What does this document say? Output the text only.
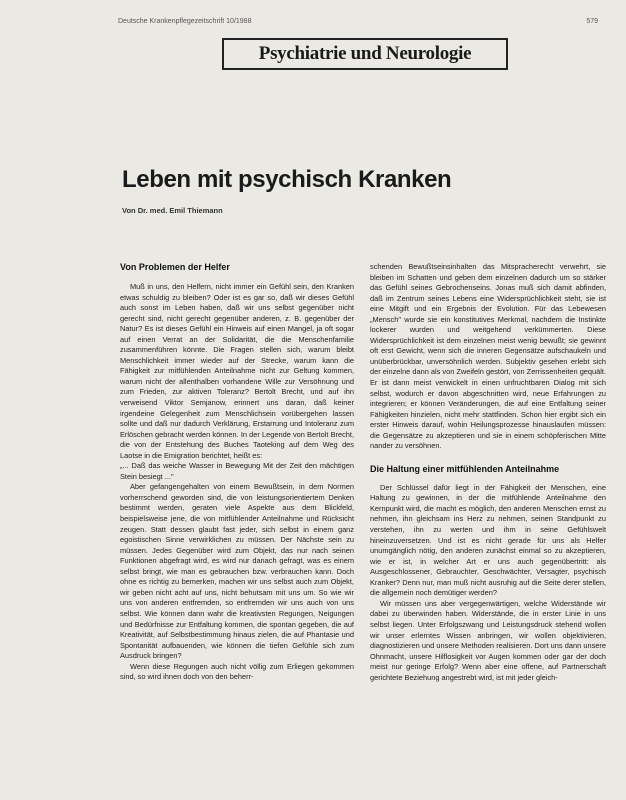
Deutsche Krankenpflegezeitschrift 10/1988	579
Psychiatrie und Neurologie
Leben mit psychisch Kranken
Von Dr. med. Emil Thiemann
Von Problemen der Helfer

Muß in uns, den Helfern, nicht immer ein Gefühl sein, den Kranken etwas schuldig zu bleiben? Oder ist es gar so, daß wir dieses Gefühl auch sonst im Leben haben, daß wir uns selbst gegenüber nicht gerecht sind, nicht gerecht gegenüber anderen, z. B. gegenüber der Natur? Es ist dieses Gefühl ein Hinweis auf einen Mangel, ja oft sogar auf einen Verrat an der Solidarität, die die Menschenfamilie zusammenführen könnte. Die Fragen stellen sich, warum bleibt Menschlichkeit immer wieder auf der Strecke, warum kann die Fähigkeit zur mitfühlenden Anteilnahme nicht zur Geltung kommen, warum nicht der allenthalben vorhandene Wille zur Versöhnung und zum Frieden, zur aktiven Toleranz? Bertolt Brecht, und auf ihn verweisend Viktor Semjanow, erinnert uns daran, daß keiner irgendeine Gelegenheit zum Menschlichsein vorübergehen lassen sollte und daß nur dadurch Verklärung, Erstarrung und Intoleranz zum Erlöschen gebracht werden können. In der Legende von Bertolt Brecht, die von der Entstehung des Buches Taoteking auf dem Weg des Laotse in die Emigration berichtet, heißt es:

„... Daß das weiche Wasser in Bewegung Mit der Zeit den mächtigen Stein besiegt ..."

Aber gefangengehalten von einem Bewußtsein, in dem Normen vorherrschend geworden sind, die von leistungsorientiertem Denken bestimmt werden, geraten viele Aspekte aus dem Blickfeld, beispielsweise jene, die von mitfühlender Anteilnahme und Rücksicht zeugen. Statt dessen glaubt fast jeder, sich selbst in einem ganz egoistischen Sinne verwirklichen zu müssen. Der Nächste sein zu müssen. Jedes Gegenüber wird zum Objekt, das nur nach seinen Funktionen abgefragt wird, es wird nur danach gefragt, was es einem selbst bringt, wie man es gebrauchen bzw. verbrauchen kann. Doch ohne es richtig zu bemerken, machen wir uns selbst auch zum Objekt, wir geben nicht acht auf uns, nicht behutsam mit uns um. So wie wir uns von anderen entfremden, so entfremden wir uns auch von uns selbst. Wie können dann wahr die kreativsten Regungen, Neigungen und Bedürfnisse zur Entfaltung kommen, die spontan gegeben, die auf Kreativität, auf Selbstbestimmung hinaus zielen, die auf Phantasie und Spontanität aufbauenden, wie können die tiefen Gefühle sich zum Ausdruck bringen?

Wenn diese Regungen auch nicht völlig zum Erliegen gekommen sind, so wird ihnen doch von den beherr-

schenden Bewußtseinsinhalten das Mitspracherecht verwehrt, sie bleiben im Schatten und geben dem einzelnen dadurch um so stärker das Gefühl seines Gebrochenseins. Jonas muß sich damit abfinden, daß im Zentrum seines Lebens eine Widersprüchlichkeit steht, sie ist eine Mitgift und ein Ergebnis der Evolution. Für das Lebewesen „Mensch" wurde sie ein konstitutives Merkmal, nachdem die Instinkte lockerer wurden und weitgehend verkümmerten. Diese Widersprüchlichkeit ist dem einzelnen meist wenig bewußt; sie gewinnt oft erst Gewicht, wenn sich die inneren Gegensätze aufschaukeln und unüberbrückbar, unversöhnlich werden. Subjektiv gesehen erlebt sich der einzelne dann als von Zweifeln gestört, von Zerrissenheiten gequält. Er ist dann meist verwickelt in einen unfruchtbaren Dialog mit sich selbst, wodurch er davon abgeschnitten wird, neue Erfahrungen zu integrieren; er können Veränderungen, die auf eine Entfaltung seiner Fähigkeiten hinzielen, nicht mehr stattfinden. Schon hier ergibt sich ein erster Hinweis darauf, wohin Heilungsprozesse hinauslaufen müssen: die Gegensätze zu akzeptieren und sie in einem schöpferischen Mitte nander zu versöhnen.

Die Haltung einer mitfühlenden Anteilnahme

Der Schlüssel dafür liegt in der Fähigkeit der Menschen, eine Haltung zu gewinnen, in der die mitfühlende Anteilnahme den Kernpunkt wird, die macht es möglich, den anderen Menschen ernst zu nehmen, ihn gleichsam ins Herz zu nehmen, seinen Standpunkt zu verstehen, ihn zu werten und ihm in seine Gefühlswelt hineinzuversetzen. Und ist es nicht gerade für uns als Helfer unumgänglich nötig, den anderen zunächst einmal so zu akzeptieren, wie er ist, in welcher Art er uns auch gegenübertritt: als Ausgeschlossener, Gebrauchter, Geschwächter, Versagter, psychisch Kranker? Denn nur, man muß nicht ausruhig auf die Seite derer stellen, die allgemein noch demütiger werden?

Wir müssen uns aber vergegenwärtigen, welche Widerstände wir dabei zu überwinden haben. Widerstände, die in erster Linie in uns selbst liegen. Unter Erfolgszwang und Leistungsdruck stehend wollen wir unser erlerntes Wissen anbringen, wir wollen objektivieren, diagnostizieren und unsere Methoden realisieren. Dort uns dann unsere Ohnmacht, unsere Hilflosigkeit vor Augen kommen oder gar der doch meist nur geringe Erfolg? Wenn aber eine offene, auf Partnerschaft gerichtete Beziehung angestrebt wird, ist mit jeder gleich-
